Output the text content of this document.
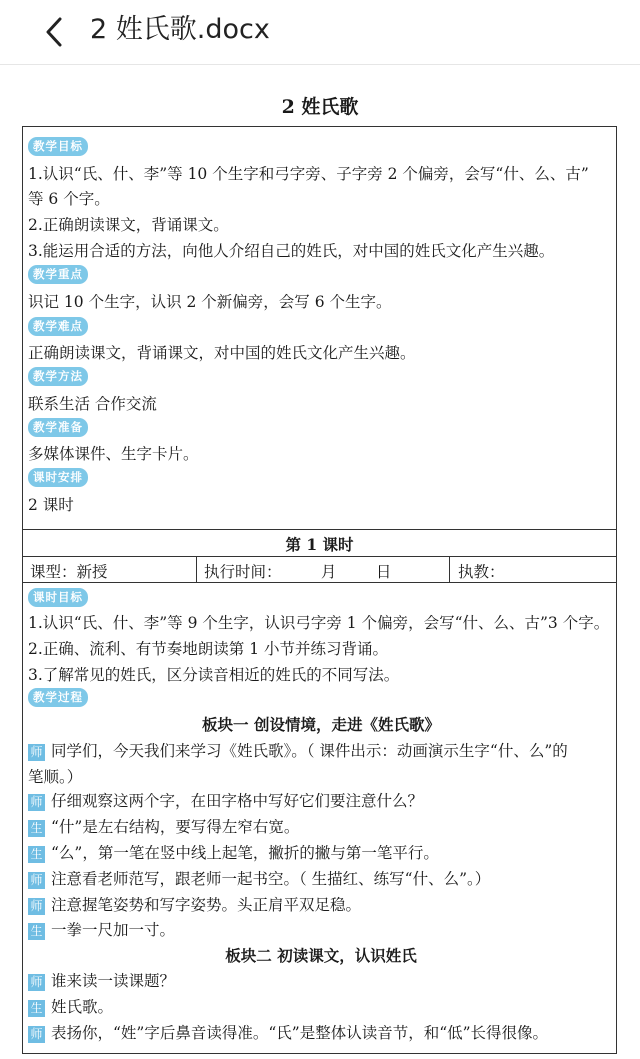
2 姓氏歌.docx
2 姓氏歌
教学目标
1.认识“氏、什、李”等 10 个生字和弓字旁、子字旁 2 个偏旁，会写“什、么、古”
等 6 个字。
2.正确朗读课文，背诵课文。
3.能运用合适的方法，向他人介绍自己的姓氏，对中国的姓氏文化产生兴趣。
教学重点
识记 10 个生字，认识 2 个新偏旁，会写 6 个生字。
教学难点
正确朗读课文，背诵课文，对中国的姓氏文化产生兴趣。
教学方法
联系生活 合作交流
教学准备
多媒体课件、生字卡片。
课时安排
2 课时
第 1 课时
课型：新授	执行时间：        月        日	执教：
课时目标
1.认识“氏、什、李”等 9 个生字，认识弓字旁 1 个偏旁，会写“什、么、古”3 个字。
2.正确、流利、有节奏地朗读第 1 小节并练习背诵。
3.了解常见的姓氏，区分读音相近的姓氏的不同写法。
教学过程
板块一 创设情境，走进《姓氏歌》
师 同学们，今天我们来学习《姓氏歌》。（ 课件出示：动画演示生字“什、么”的
笔顺。）
师 仔细观察这两个字，在田字格中写好它们要注意什么？
生 “什”是左右结构，要写得左窄右宽。
生 “么”，第一笔在竖中线上起笔，撇折的撇与第一笔平行。
师 注意看老师范写，跟老师一起书空。（ 生描红、练写“什、么”。）
师 注意握笔姿势和写字姿势。头正肩平双足稳。
生 一拳一尺加一寸。
板块二 初读课文，认识姓氏
师 谁来读一读课题？
生 姓氏歌。
师 表扬你，“姓”字后鼻音读得准。“氏”是整体认读音节，和“低”长得很像。
